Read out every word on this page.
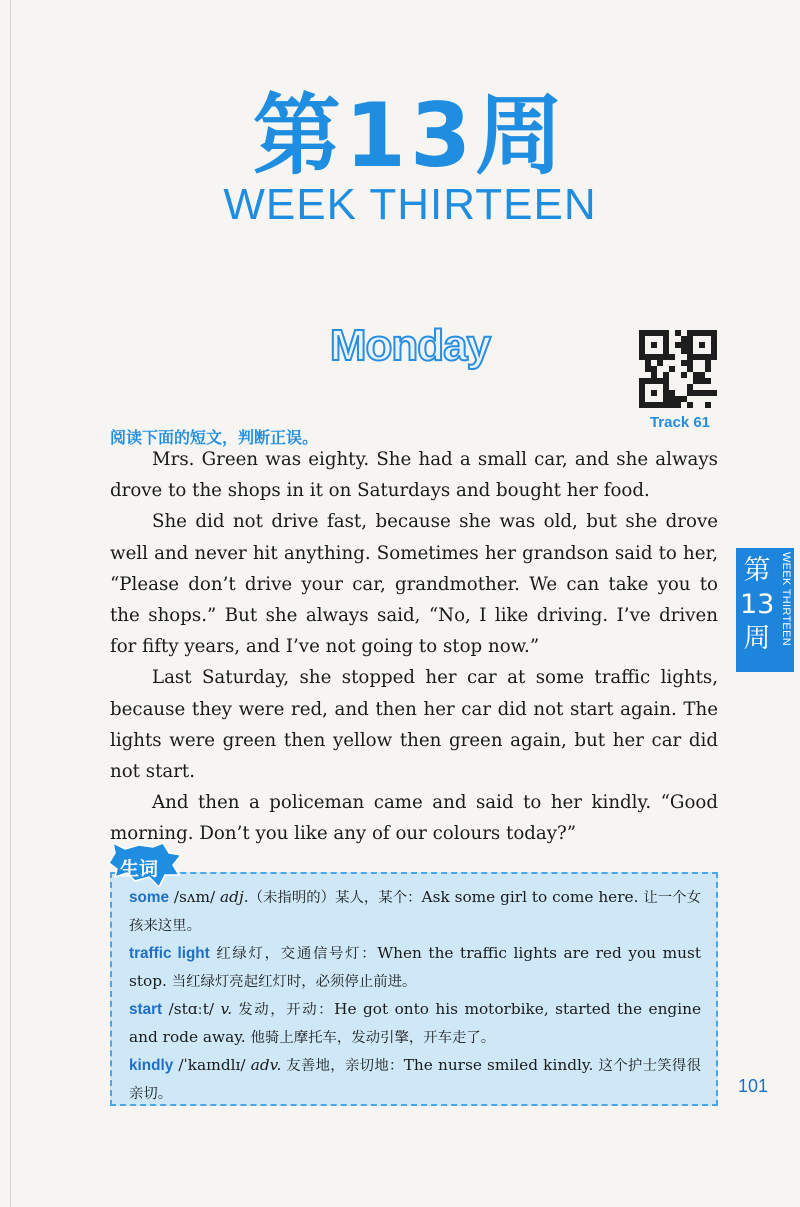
第13周
WEEK THIRTEEN
Monday
Track 61
阅读下面的短文，判断正误。

Mrs. Green was eighty. She had a small car, and she always drove to the shops in it on Saturdays and bought her food.

She did not drive fast, because she was old, but she drove well and never hit anything. Sometimes her grandson said to her, “Please don’t drive your car, grandmother. We can take you to the shops.” But she always said, “No, I like driving. I’ve driven for fifty years, and I’ve not going to stop now.”

Last Saturday, she stopped her car at some traffic lights, because they were red, and then her car did not start again. The lights were green then yellow then green again, but her car did not start.

And then a policeman came and said to her kindly. “Good morning. Don’t you like any of our colours today?”

第13周 WEEK THIRTEEN
生词
some /sʌm/ adj.（未指明的）某人，某个：Ask some girl to come here. 让一个女孩来这里。
traffic light 红绿灯，交通信号灯：When the traffic lights are red you must stop. 当红绿灯亮起红灯时，必须停止前进。
start /stɑːt/ v. 发动，开动：He got onto his motorbike, started the engine and rode away. 他骑上摩托车，发动引擎，开车走了。
kindly /ˈkaɪndlɪ/ adv. 友善地，亲切地：The nurse smiled kindly. 这个护士笑得很亲切。	101
